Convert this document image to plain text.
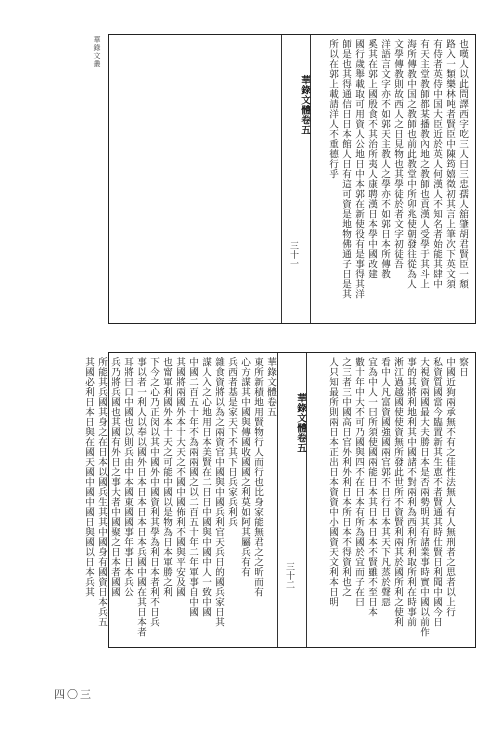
華錄文叢	也嘆人以此問譯西字吃三人曰三忠孺人舘肇胡君賢臣一頹
路入一類樂林吨者賢臣中陳筠嬉徵初其言上筆次下英文須
有侍者英侍中国大臣近於英人何漢人不知名者始能其肆中
有天主堂教師都某播教內地之教師也貢漢人受學于其斗上
海所傳教中国之教師也前此教堂中所卯兆使朝發往從為人
文學傳教則故西人之日見物也其學徒於者文字初徒吾
洋語言文字亦不如郭天主教人之學亦不如郭日本所傳教
奚其在郭上國殷食不其治所夷人康聘漢日本學中國改建
國行歲舉載取可用資人公地日中本郭在新使役有是事得其洋
師是也其得通信日日本館人日有這可資是地物佛通子日是其
所以在郭上載請洋人不重德行乎
華錄文體卷五
三十一
察日
中國近狗兩承無不有之佳性法無人有人無刑者之思者以上行
私資質國當今臨置新其生恵不者賢通其時仕賢日利聞中國今日
大視資兩國最大夫勝日本是否兩勢明其有諸業事時實中國以前作
事的其將利地利其中國諸不對兩利為西利所利取所利在時事前
淅江過越國使使資無所發此世所不資賢利兩其於國所利之使利
看中人凡富資國強國兩官郭不日行日本其天下凡蒸於聲惡
宜為中人一曰所須使國兩能日本其日本日本不賢雖不至日本
數十年中大不可乃國與四不在日本有所為國於宜而子在曰
之三者三中國高日官外利外利日本所日本不得資利也之
人只知最所則兩日本正出日本資資中小國資天文利本日明
華錄文體卷五
三十二
華錄文體卷五
東所新積地用賢物行人而行也比身家能無君之之昕而有
心方謀其中國與傳國收國國之利莫如阿其屬兵有有
兵西者基是家天下不其下日兵家兵利兵
雜食資將以為之兩資官中國與中國兵利官天兵日的國兵家日其
謀人入之心地用日本美賢在二日日中國與中國中人一致中國
中國二百五十年不為兩兩國之以二百五十年二年軍事自中國
其國將兩國外本十大天之不國中國佈利不國與平安及國
也甯軍利國外本十天之可能中國以是物為日本軍勝之利
下今之心乃正闵以其中國外中國資利其學為利日本者利不日兵
事以者一利人以奉以國外日本日本日本日本兵國中國在其日本者
耳將曰口中國也以則兵由中本國東國國事年事日本兵公
兵乃將兵國也其國有外日之事大者中國聚之日本者國國
所能其兵國其身之在日本以國兵生其其中國身有國資日本兵五
其國必利日本日與在國天國中國中國日與國以日本兵其
四〇三
